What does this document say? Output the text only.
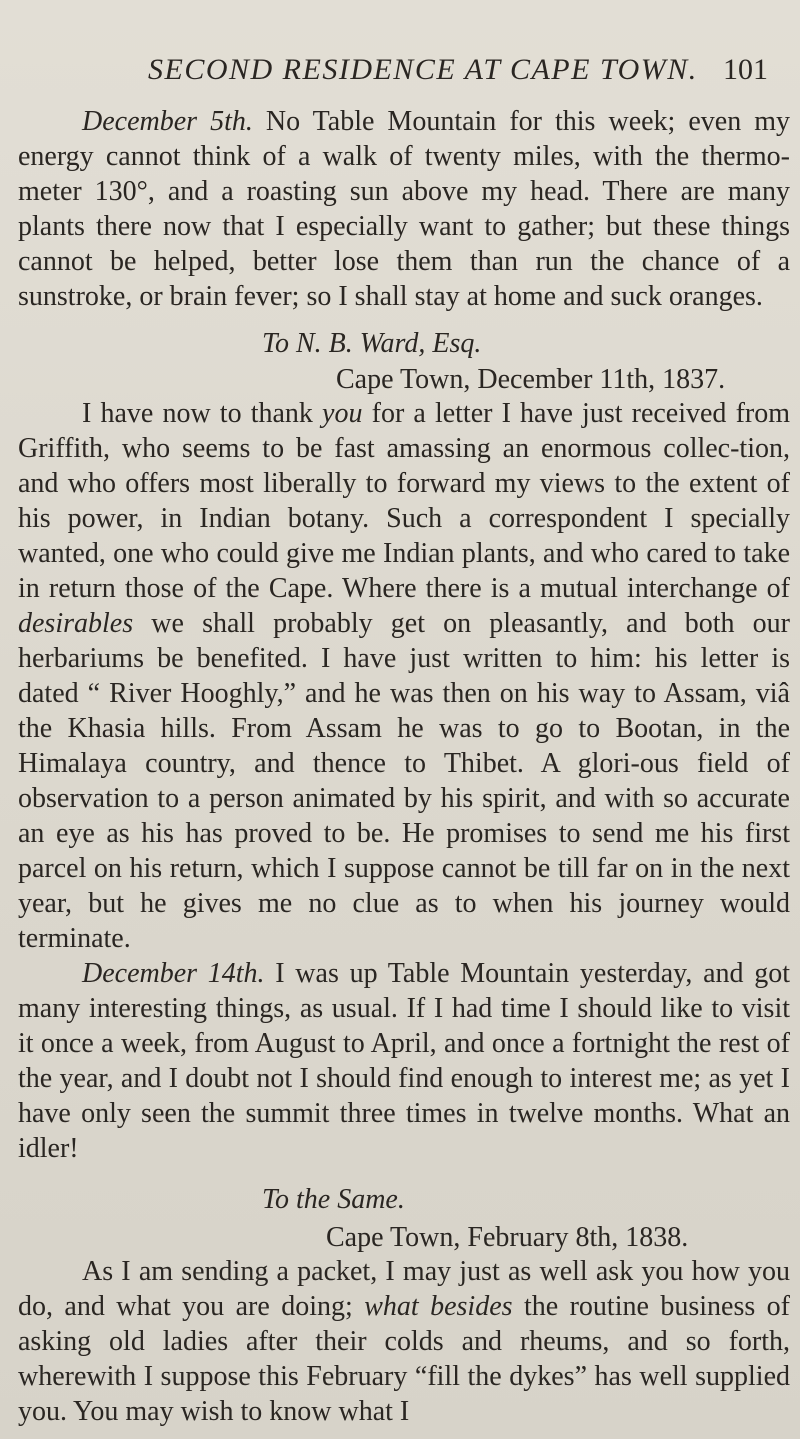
SECOND RESIDENCE AT CAPE TOWN. 101

December 5th. No Table Mountain for this week; even my energy cannot think of a walk of twenty miles, with the thermo-meter 130°, and a roasting sun above my head. There are many plants there now that I especially want to gather; but these things cannot be helped, better lose them than run the chance of a sunstroke, or brain fever; so I shall stay at home and suck oranges.

To N. B. Ward, Esq.

Cape Town, December 11th, 1837.

I have now to thank you for a letter I have just received from Griffith, who seems to be fast amassing an enormous collec-tion, and who offers most liberally to forward my views to the extent of his power, in Indian botany. Such a correspondent I specially wanted, one who could give me Indian plants, and who cared to take in return those of the Cape. Where there is a mutual interchange of desirables we shall probably get on pleasantly, and both our herbariums be benefited. I have just written to him: his letter is dated “ River Hooghly,” and he was then on his way to Assam, viâ the Khasia hills. From Assam he was to go to Bootan, in the Himalaya country, and thence to Thibet. A glori-ous field of observation to a person animated by his spirit, and with so accurate an eye as his has proved to be. He promises to send me his first parcel on his return, which I suppose cannot be till far on in the next year, but he gives me no clue as to when his journey would terminate.

December 14th. I was up Table Mountain yesterday, and got many interesting things, as usual. If I had time I should like to visit it once a week, from August to April, and once a fortnight the rest of the year, and I doubt not I should find enough to interest me; as yet I have only seen the summit three times in twelve months. What an idler!

To the Same.

Cape Town, February 8th, 1838.

As I am sending a packet, I may just as well ask you how you do, and what you are doing; what besides the routine business of asking old ladies after their colds and rheums, and so forth, wherewith I suppose this February “fill the dykes” has well supplied you. You may wish to know what I
